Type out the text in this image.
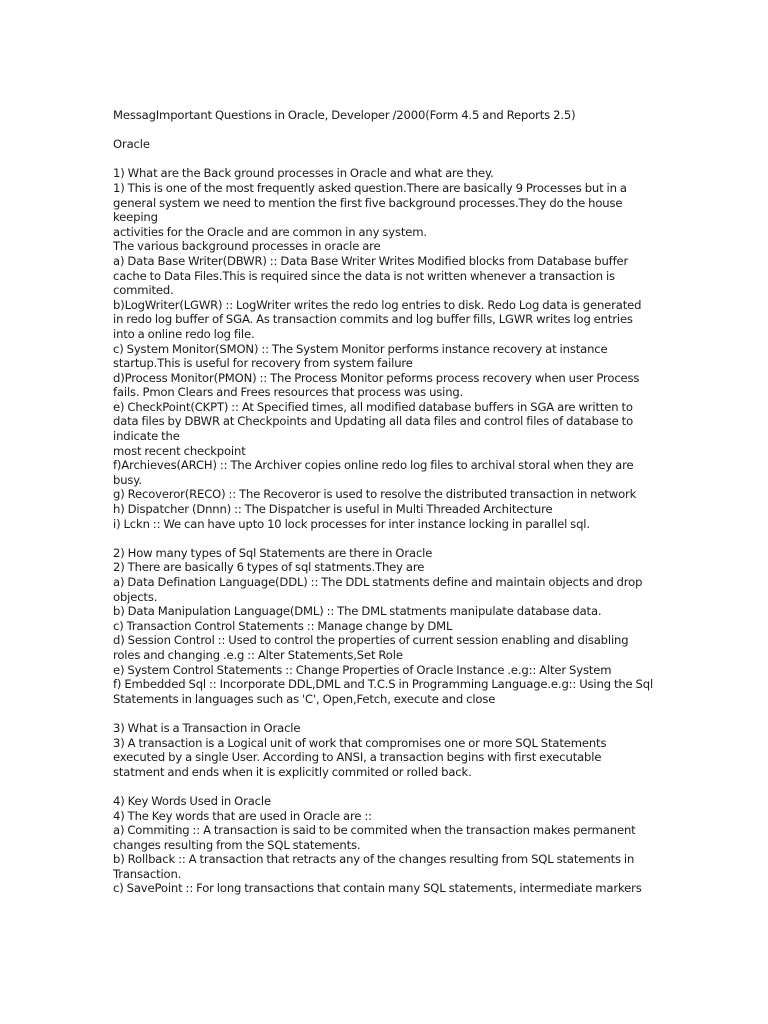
MessagImportant Questions in Oracle, Developer /2000(Form 4.5 and Reports 2.5)
Oracle
1) What are the Back ground processes in Oracle and what are they.
1) This is one of the most frequently asked question.There are basically 9 Processes but in a
general system we need to mention the first five background processes.They do the house
keeping
activities for the Oracle and are common in any system.
The various background processes in oracle are
a) Data Base Writer(DBWR) :: Data Base Writer Writes Modified blocks from Database buffer
cache to Data Files.This is required since the data is not written whenever a transaction is
commited.
b)LogWriter(LGWR) :: LogWriter writes the redo log entries to disk. Redo Log data is generated
in redo log buffer of SGA. As transaction commits and log buffer fills, LGWR writes log entries
into a online redo log file.
c) System Monitor(SMON) :: The System Monitor performs instance recovery at instance
startup.This is useful for recovery from system failure
d)Process Monitor(PMON) :: The Process Monitor peforms process recovery when user Process
fails. Pmon Clears and Frees resources that process was using.
e) CheckPoint(CKPT) :: At Specified times, all modified database buffers in SGA are written to
data files by DBWR at Checkpoints and Updating all data files and control files of database to
indicate the
most recent checkpoint
f)Archieves(ARCH) :: The Archiver copies online redo log files to archival storal when they are
busy.
g) Recoveror(RECO) :: The Recoveror is used to resolve the distributed transaction in network
h) Dispatcher (Dnnn) :: The Dispatcher is useful in Multi Threaded Architecture
i) Lckn :: We can have upto 10 lock processes for inter instance locking in parallel sql.
2) How many types of Sql Statements are there in Oracle
2) There are basically 6 types of sql statments.They are
a) Data Defination Language(DDL) :: The DDL statments define and maintain objects and drop
objects.
b) Data Manipulation Language(DML) :: The DML statments manipulate database data.
c) Transaction Control Statements :: Manage change by DML
d) Session Control :: Used to control the properties of current session enabling and disabling
roles and changing .e.g :: Alter Statements,Set Role
e) System Control Statements :: Change Properties of Oracle Instance .e.g:: Alter System
f) Embedded Sql :: Incorporate DDL,DML and T.C.S in Programming Language.e.g:: Using the Sql
Statements in languages such as 'C', Open,Fetch, execute and close
3) What is a Transaction in Oracle
3) A transaction is a Logical unit of work that compromises one or more SQL Statements
executed by a single User. According to ANSI, a transaction begins with first executable
statment and ends when it is explicitly commited or rolled back.
4) Key Words Used in Oracle
4) The Key words that are used in Oracle are ::
a) Commiting :: A transaction is said to be commited when the transaction makes permanent
changes resulting from the SQL statements.
b) Rollback :: A transaction that retracts any of the changes resulting from SQL statements in
Transaction.
c) SavePoint :: For long transactions that contain many SQL statements, intermediate markers
